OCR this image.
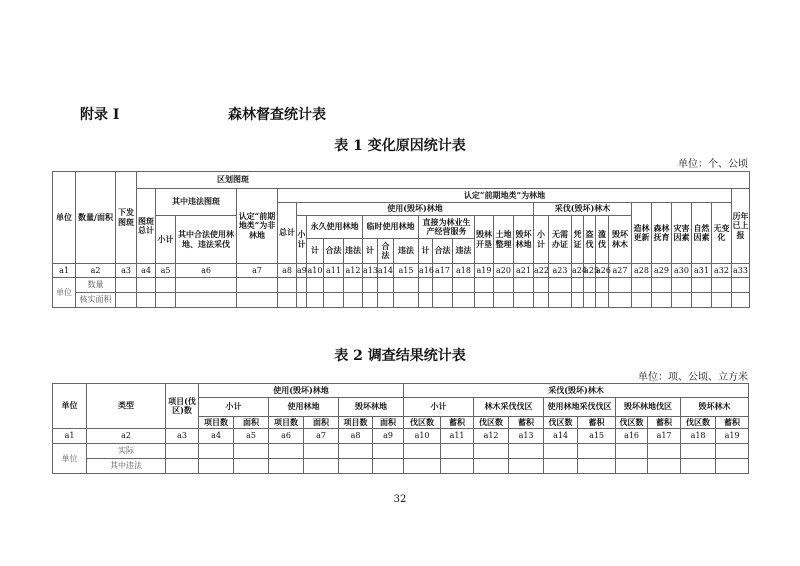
附录 I	森林督查统计表
表 1 变化原因统计表
单位：个、公顷
单位	数量/面积	下发图斑	区划图斑																													
			图斑总计	其中违法图斑		认定“前期地类”为非林地	认定“前期地类”为林地																									历年已上报
							总计	使用(毁坏)林地													采伐(毁坏)林木						造林更新	森林抚育	灾害因素	自然因素	无变化	
				小计	其中合法使用林地、违法采伐			小计	永久使用林地			临时使用林地			直接为林业生产经营服务			毁林开垦	土地整理	毁坏林地	小计	无需办证	凭证	盗伐	滥伐	毁坏林木						
									计	合法	违法	计	合法	违法	计	合法	违法															
a1	a2	a3	a4	a5	a6	a7	a8	a9	a10	a11	a12	a13	a14	a15	a16	a17	a18	a19	a20	a21	a22	a23	a24	a25	a26	a27	a28	a29	a30	a31	a32	a33
单位	数量																															
	核实面积																															
表 2 调查结果统计表
单位：项、公顷、立方米
单位	类型	项目(伐区)数	使用(毁坏)林地						采伐(毁坏)林木									
			小计		使用林地		毁坏林地		小计		林木采伐伐区		使用林地采伐伐区		毁坏林地伐区		毁坏林木	
			项目数	面积	项目数	面积	项目数	面积	伐区数	蓄积	伐区数	蓄积	伐区数	蓄积	伐区数	蓄积	伐区数	蓄积
a1	a2	a3	a4	a5	a6	a7	a8	a9	a10	a11	a12	a13	a14	a15	a16	a17	a18	a19
单位	实际																	
	其中违法																	
32
